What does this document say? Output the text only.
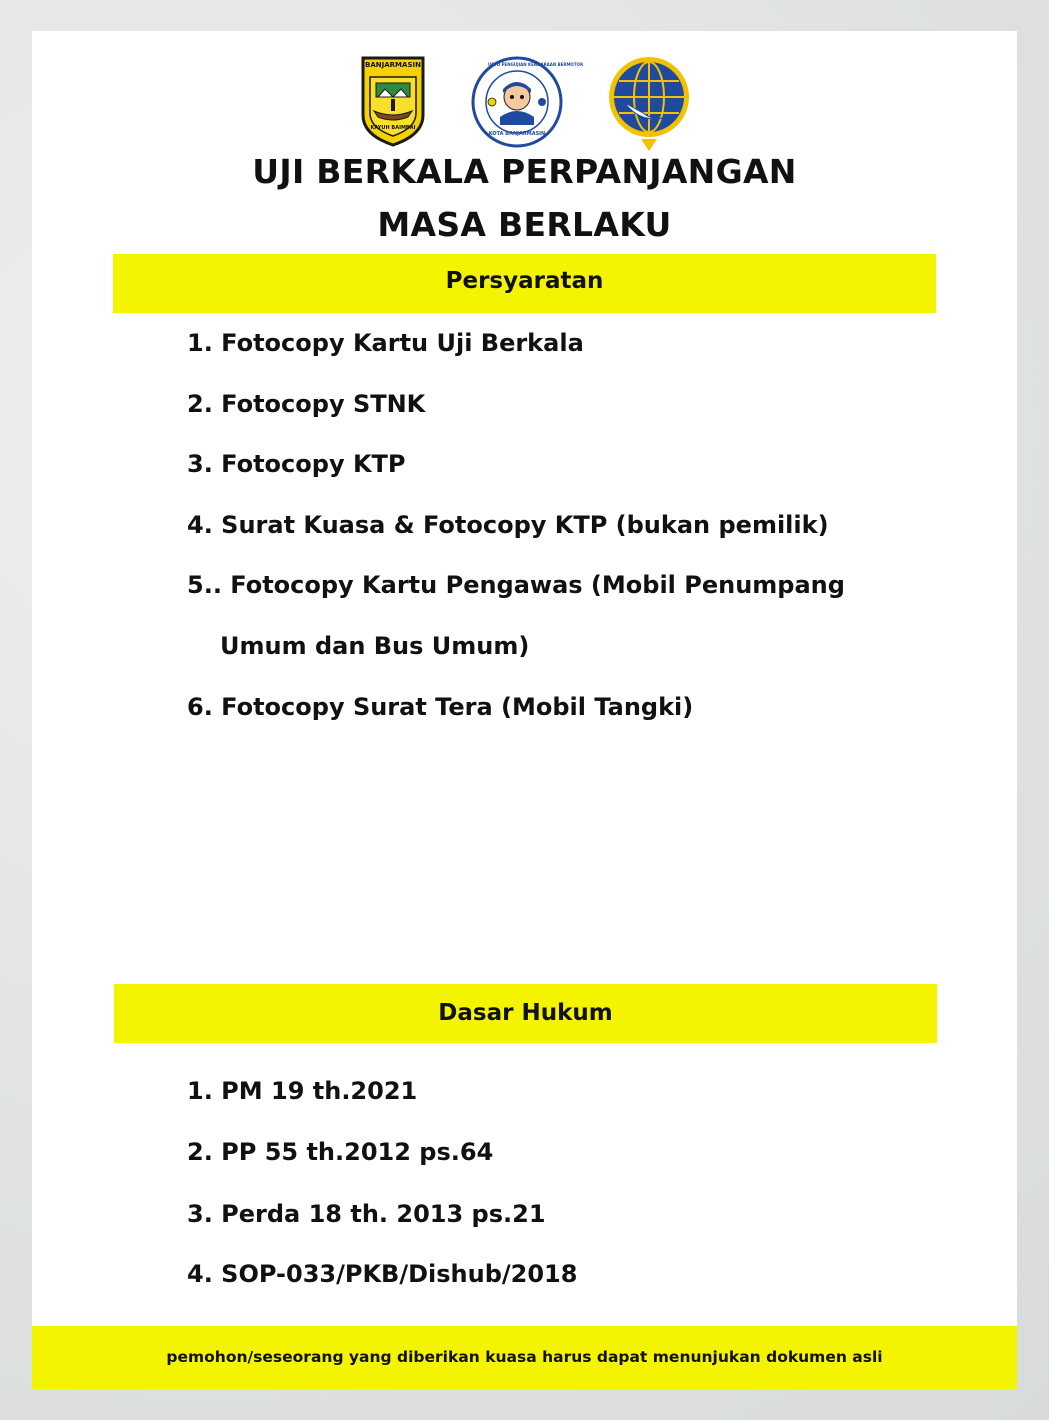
BANJARMASIN
KAYUH BAIMBAI
UPTD PENGUJIAN KENDARAAN BERMOTOR
KOTA BANJARMASIN
UJI BERKALA PERPANJANGAN
MASA BERLAKU
Persyaratan
1. Fotocopy Kartu Uji Berkala
2. Fotocopy STNK
3. Fotocopy KTP
4. Surat Kuasa & Fotocopy KTP (bukan pemilik)
5.. Fotocopy Kartu Pengawas (Mobil Penumpang
Umum dan Bus Umum)
6. Fotocopy Surat Tera (Mobil Tangki)
Dasar Hukum
1. PM 19 th.2021
2. PP 55 th.2012 ps.64
3. Perda 18 th. 2013 ps.21
4. SOP-033/PKB/Dishub/2018
pemohon/seseorang yang diberikan kuasa harus dapat menunjukan dokumen asli
